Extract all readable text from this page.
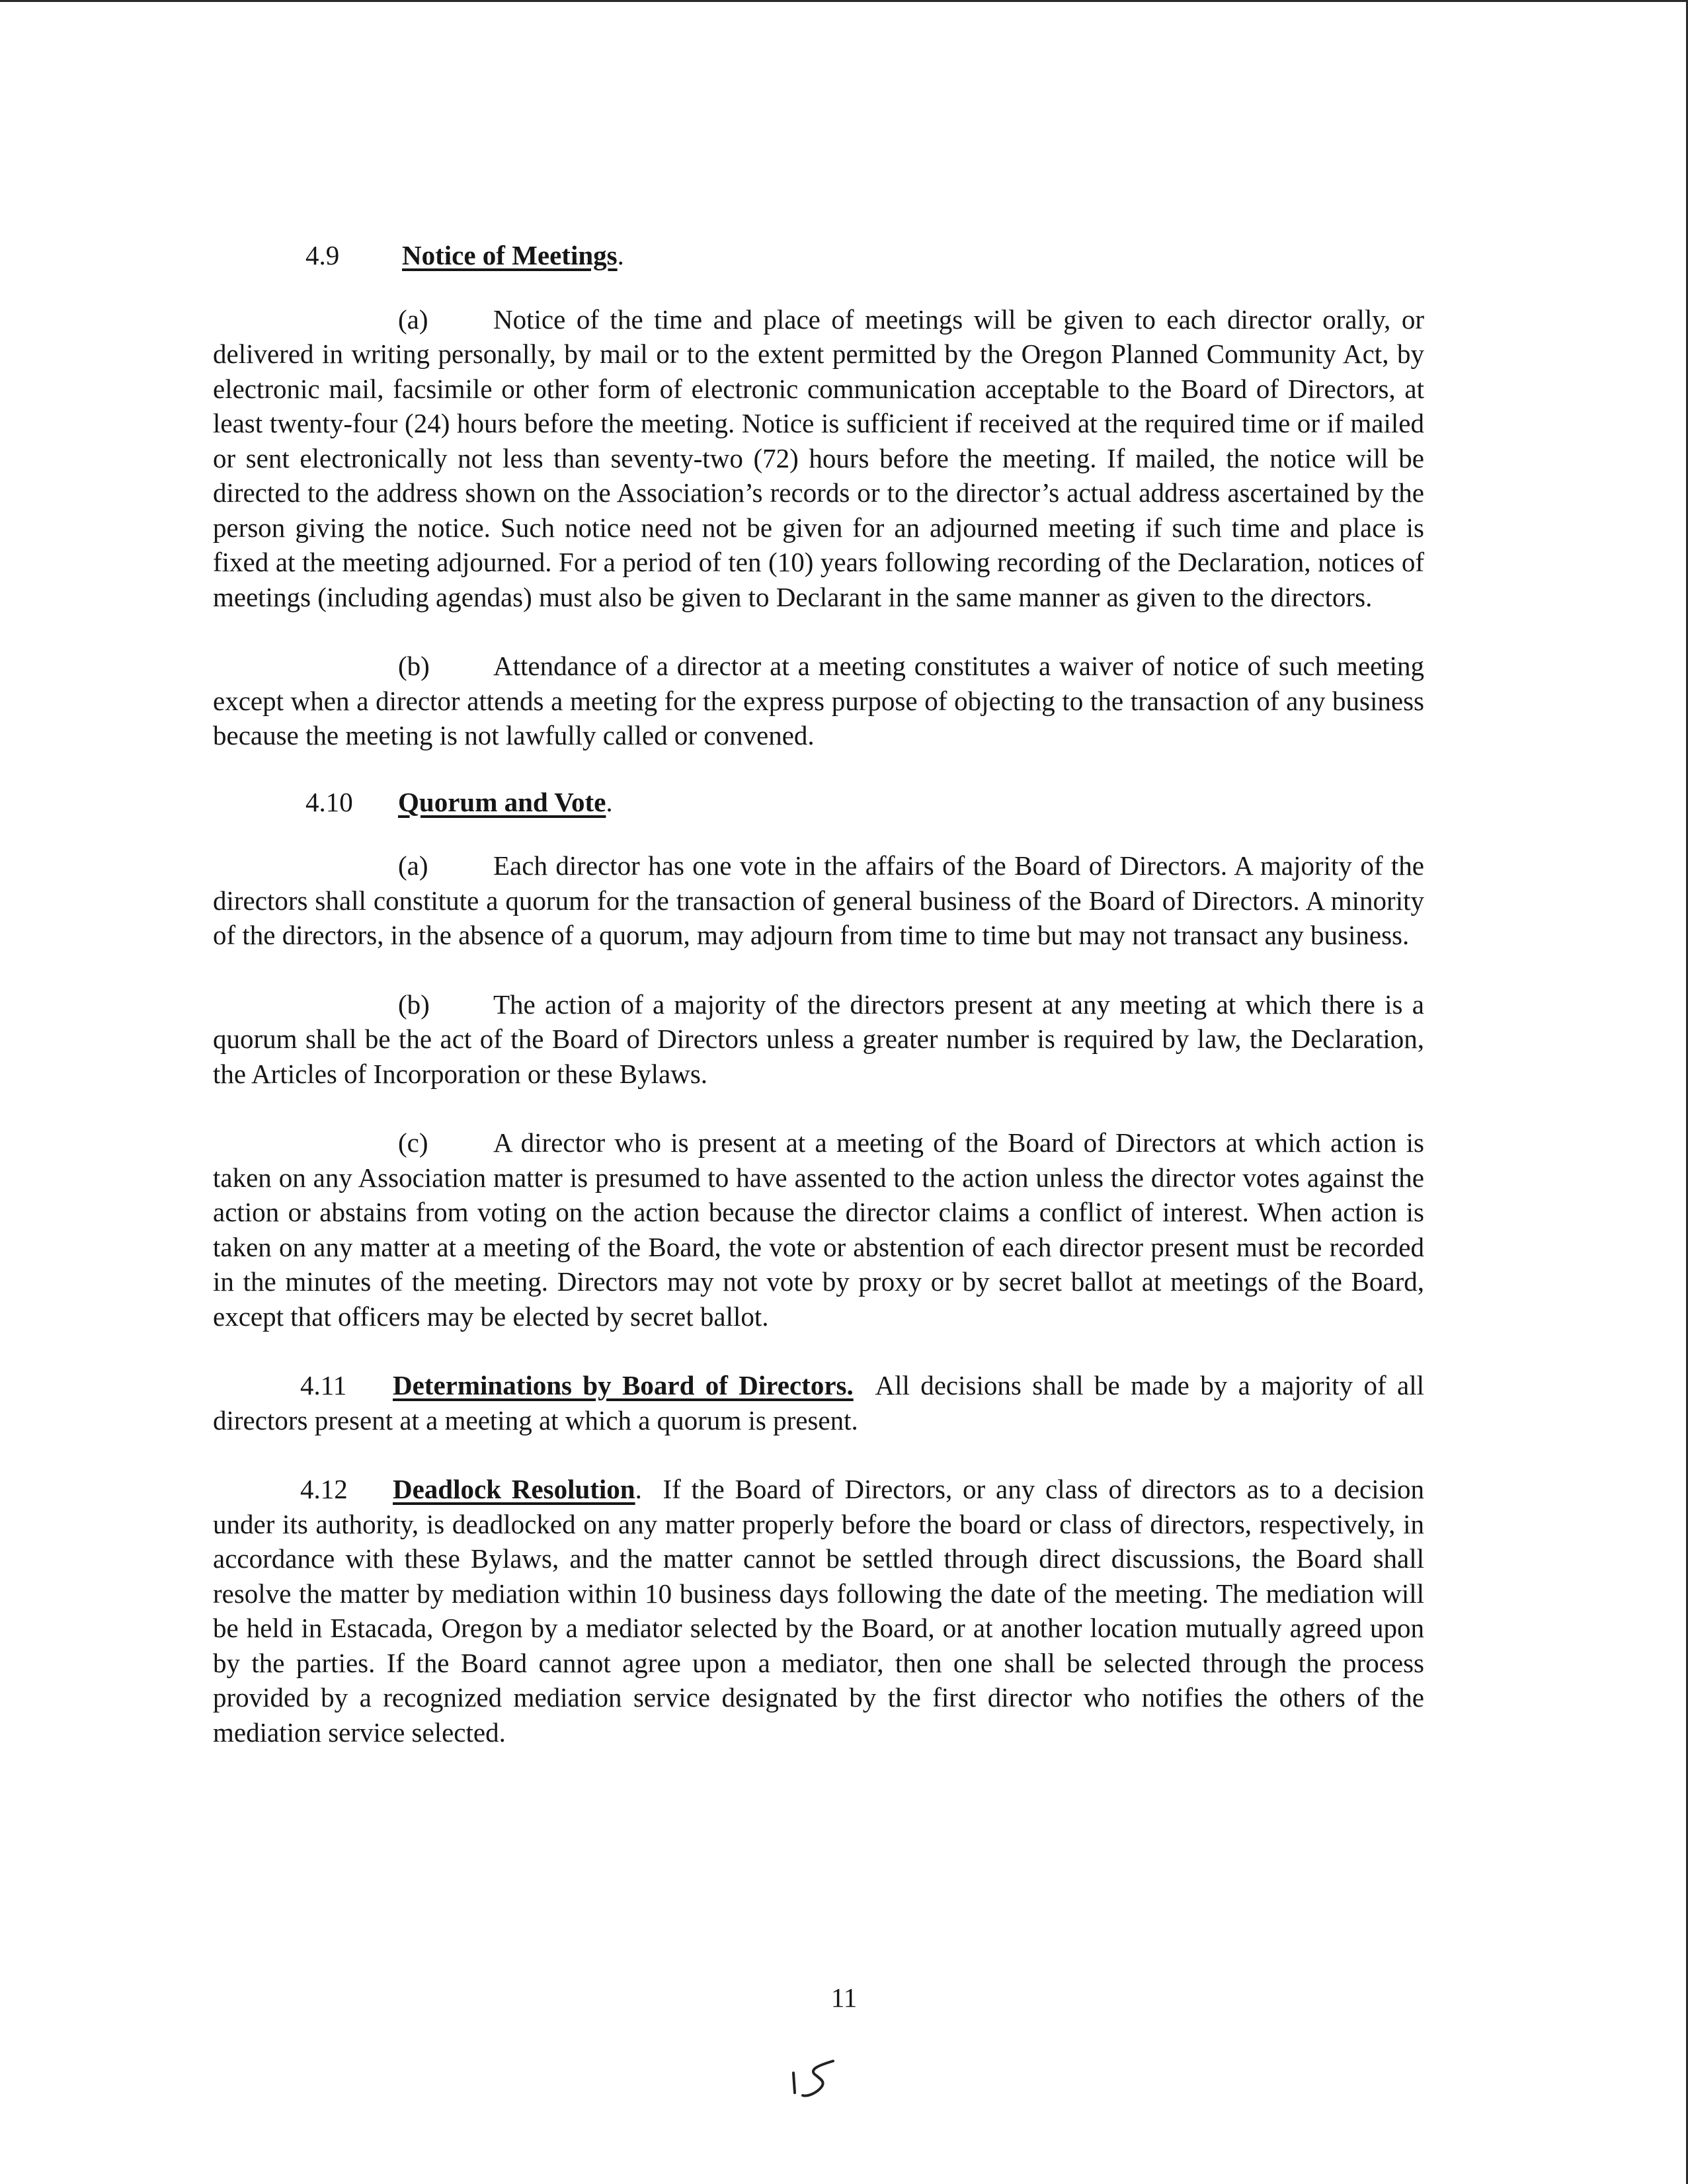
4.9 Notice of Meetings.

(a) Notice of the time and place of meetings will be given to each director orally, or delivered in writing personally, by mail or to the extent permitted by the Oregon Planned Community Act, by electronic mail, facsimile or other form of electronic communication acceptable to the Board of Directors, at least twenty-four (24) hours before the meeting. Notice is sufficient if received at the required time or if mailed or sent electronically not less than seventy-two (72) hours before the meeting. If mailed, the notice will be directed to the address shown on the Association’s records or to the director’s actual address ascertained by the person giving the notice. Such notice need not be given for an adjourned meeting if such time and place is fixed at the meeting adjourned. For a period of ten (10) years following recording of the Declaration, notices of meetings (including agendas) must also be given to Declarant in the same manner as given to the directors.

(b) Attendance of a director at a meeting constitutes a waiver of notice of such meeting except when a director attends a meeting for the express purpose of objecting to the transaction of any business because the meeting is not lawfully called or convened.

4.10 Quorum and Vote.

(a) Each director has one vote in the affairs of the Board of Directors. A majority of the directors shall constitute a quorum for the transaction of general business of the Board of Directors. A minority of the directors, in the absence of a quorum, may adjourn from time to time but may not transact any business.

(b) The action of a majority of the directors present at any meeting at which there is a quorum shall be the act of the Board of Directors unless a greater number is required by law, the Declaration, the Articles of Incorporation or these Bylaws.

(c) A director who is present at a meeting of the Board of Directors at which action is taken on any Association matter is presumed to have assented to the action unless the director votes against the action or abstains from voting on the action because the director claims a conflict of interest. When action is taken on any matter at a meeting of the Board, the vote or abstention of each director present must be recorded in the minutes of the meeting. Directors may not vote by proxy or by secret ballot at meetings of the Board, except that officers may be elected by secret ballot.

4.11 Determinations by Board of Directors. All decisions shall be made by a majority of all directors present at a meeting at which a quorum is present.

4.12 Deadlock Resolution. If the Board of Directors, or any class of directors as to a decision under its authority, is deadlocked on any matter properly before the board or class of directors, respectively, in accordance with these Bylaws, and the matter cannot be settled through direct discussions, the Board shall resolve the matter by mediation within 10 business days following the date of the meeting. The mediation will be held in Estacada, Oregon by a mediator selected by the Board, or at another location mutually agreed upon by the parties. If the Board cannot agree upon a mediator, then one shall be selected through the process provided by a recognized mediation service designated by the first director who notifies the others of the mediation service selected.

11
